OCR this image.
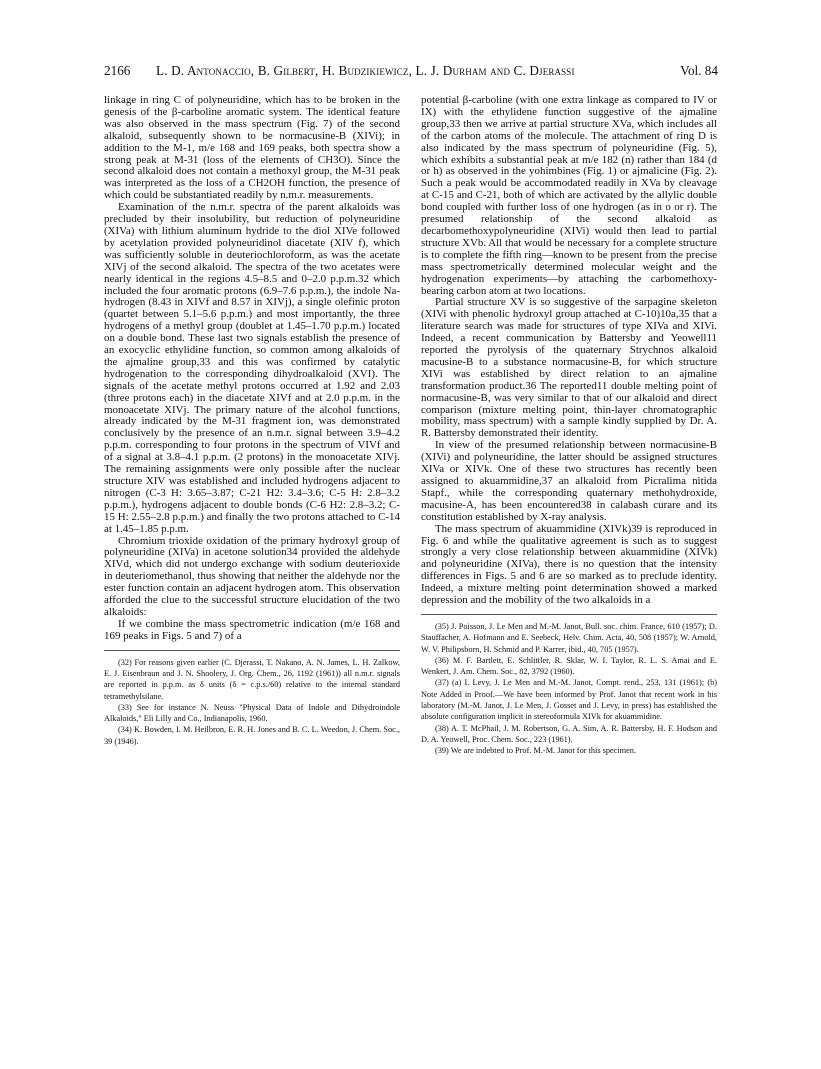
2166 L. D. Antonaccio, B. Gilbert, H. Budzikiewicz, L. J. Durham and C. Djerassi	Vol. 84

linkage in ring C of polyneuridine, which has to be broken in the genesis of the β-carboline aromatic system. The identical feature was also observed in the mass spectrum (Fig. 7) of the second alkaloid, subsequently shown to be normacusine-B (XIVi); in addition to the M-1, m/e 168 and 169 peaks, both spectra show a strong peak at M-31 (loss of the elements of CH3O). Since the second alkaloid does not contain a methoxyl group, the M-31 peak was interpreted as the loss of a CH2OH function, the presence of which could be substantiated readily by n.m.r. measurements.

Examination of the n.m.r. spectra of the parent alkaloids was precluded by their insolubility, but reduction of polyneuridine (XIVa) with lithium aluminum hydride to the diol XIVe followed by acetylation provided polyneuridinol diacetate (XIV f), which was sufficiently soluble in deuteriochloroform, as was the acetate XIVj of the second alkaloid. The spectra of the two acetates were nearly identical in the regions 4.5–8.5 and 0–2.0 p.p.m.32 which included the four aromatic protons (6.9–7.6 p.p.m.), the indole Na-hydrogen (8.43 in XIVf and 8.57 in XIVj), a single olefinic proton (quartet between 5.1–5.6 p.p.m.) and most importantly, the three hydrogens of a methyl group (doublet at 1.45–1.70 p.p.m.) located on a double bond. These last two signals establish the presence of an exocyclic ethylidine function, so common among alkaloids of the ajmaline group,33 and this was confirmed by catalytic hydrogenation to the corresponding dihydroalkaloid (XVI). The signals of the acetate methyl protons occurred at 1.92 and 2.03 (three protons each) in the diacetate XIVf and at 2.0 p.p.m. in the monoacetate XIVj. The primary nature of the alcohol functions, already indicated by the M-31 fragment ion, was demonstrated conclusively by the presence of an n.m.r. signal between 3.9–4.2 p.p.m. corresponding to four protons in the spectrum of VIVf and of a signal at 3.8–4.1 p.p.m. (2 protons) in the monoacetate XIVj. The remaining assignments were only possible after the nuclear structure XIV was established and included hydrogens adjacent to nitrogen (C-3 H: 3.65–3.87; C-21 H2: 3.4–3.6; C-5 H: 2.8–3.2 p.p.m.), hydrogens adjacent to double bonds (C-6 H2: 2.8–3.2; C-15 H: 2.55–2.8 p.p.m.) and finally the two protons attached to C-14 at 1.45–1.85 p.p.m.

Chromium trioxide oxidation of the primary hydroxyl group of polyneuridine (XIVa) in acetone solution34 provided the aldehyde XIVd, which did not undergo exchange with sodium deuterioxide in deuteriomethanol, thus showing that neither the aldehyde nor the ester function contain an adjacent hydrogen atom. This observation afforded the clue to the successful structure elucidation of the two alkaloids:

If we combine the mass spectrometric indication (m/e 168 and 169 peaks in Figs. 5 and 7) of a

(32) For reasons given earlier (C. Djerassi, T. Nakano, A. N. James, L. H. Zalkow, E. J. Eisenbraun and J. N. Shoolery, J. Org. Chem., 26, 1192 (1961)) all n.m.r. signals are reported in p.p.m. as δ units (δ = c.p.s./60) relative to the internal standard tetramethylsilane.

(33) See for instance N. Neuss "Physical Data of Indole and Dihydroindole Alkaloids," Eli Lilly and Co., Indianapolis, 1960.

(34) K. Bowden, I. M. Heilbron, E. R. H. Jones and B. C. L. Weedon, J. Chem. Soc., 39 (1946).

potential β-carboline (with one extra linkage as compared to IV or IX) with the ethylidene function suggestive of the ajmaline group,33 then we arrive at partial structure XVa, which includes all of the carbon atoms of the molecule. The attachment of ring D is also indicated by the mass spectrum of polyneuridine (Fig. 5), which exhibits a substantial peak at m/e 182 (n) rather than 184 (d or h) as observed in the yohimbines (Fig. 1) or ajmalicine (Fig. 2). Such a peak would be accommodated readily in XVa by cleavage at C-15 and C-21, both of which are activated by the allylic double bond coupled with further loss of one hydrogen (as in o or r). The presumed relationship of the second alkaloid as decarbomethoxypolyneuridine (XIVi) would then lead to partial structure XVb. All that would be necessary for a complete structure is to complete the fifth ring—known to be present from the precise mass spectrometrically determined molecular weight and the hydrogenation experiments—by attaching the carbomethoxy-bearing carbon atom at two locations.

Partial structure XV is so suggestive of the sarpagine skeleton (XIVi with phenolic hydroxyl group attached at C-10)10a,35 that a literature search was made for structures of type XIVa and XIVi. Indeed, a recent communication by Battersby and Yeowell11 reported the pyrolysis of the quaternary Strychnos alkaloid macusine-B to a substance normacusine-B, for which structure XIVi was established by direct relation to an ajmaline transformation product.36 The reported11 double melting point of normacusine-B, was very similar to that of our alkaloid and direct comparison (mixture melting point, thin-layer chromatographic mobility, mass spectrum) with a sample kindly supplied by Dr. A. R. Battersby demonstrated their identity.

In view of the presumed relationship between normacusine-B (XIVi) and polyneuridine, the latter should be assigned structures XIVa or XIVk. One of these two structures has recently been assigned to akuammidine,37 an alkaloid from Picralima nitida Stapf., while the corresponding quaternary methohydroxide, macusine-A, has been encountered38 in calabash curare and its constitution established by X-ray analysis.

The mass spectrum of akuammidine (XIVk)39 is reproduced in Fig. 6 and while the qualitative agreement is such as to suggest strongly a very close relationship between akuammidine (XIVk) and polyneuridine (XIVa), there is no question that the intensity differences in Figs. 5 and 6 are so marked as to preclude identity. Indeed, a mixture melting point determination showed a marked depression and the mobility of the two alkaloids in a

(35) J. Poisson, J. Le Men and M.-M. Janot, Bull. soc. chim. France, 610 (1957); D. Stauffacher, A. Hofmann and E. Seebeck, Helv. Chim. Acta, 40, 508 (1957); W. Arnold, W. V. Philipsborn, H. Schmid and P. Karrer, ibid., 40, 705 (1957).

(36) M. F. Bartlett, E. Schlittler, R. Sklar, W. I. Taylor, R. L. S. Amai and E. Wenkert, J. Am. Chem. Soc., 82, 3792 (1960).

(37) (a) I. Levy, J. Le Men and M.-M. Janot, Compt. rend., 253, 131 (1961); (b) Note Added in Proof.—We have been informed by Prof. Janot that recent work in his laboratory (M.-M. Janot, J. Le Men, J. Gosset and J. Levy, in press) has established the absolute configuration implicit in stereoformula XIVk for akuammidine.

(38) A. T. McPhail, J. M. Robertson, G. A. Sim, A. R. Battersby, H. F. Hodson and D. A. Yeowell, Proc. Chem. Soc., 223 (1961).

(39) We are indebted to Prof. M.-M. Janot for this specimen.
